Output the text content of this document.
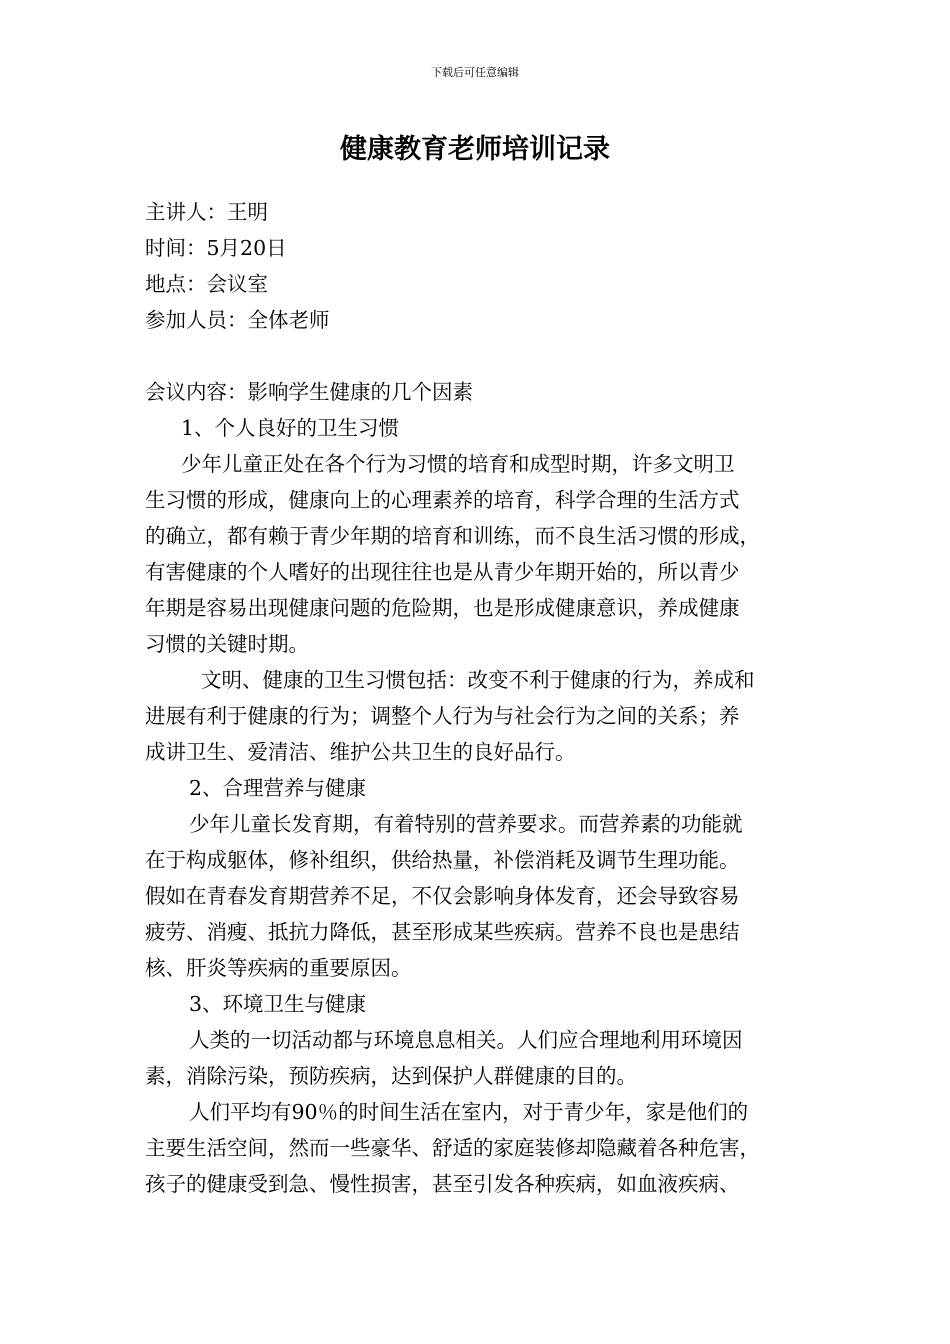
下载后可任意编辑
健康教育老师培训记录
主讲人：王明
时间：5月20日
地点：会议室
参加人员：全体老师
会议内容：影响学生健康的几个因素
1、个人良好的卫生习惯
少年儿童正处在各个行为习惯的培育和成型时期，许多文明卫
生习惯的形成，健康向上的心理素养的培育，科学合理的生活方式
的确立，都有赖于青少年期的培育和训练，而不良生活习惯的形成，
有害健康的个人嗜好的出现往往也是从青少年期开始的，所以青少
年期是容易出现健康问题的危险期，也是形成健康意识，养成健康
习惯的关键时期。
文明、健康的卫生习惯包括：改变不利于健康的行为，养成和
进展有利于健康的行为；调整个人行为与社会行为之间的关系；养
成讲卫生、爱清洁、维护公共卫生的良好品行。
2、合理营养与健康
少年儿童长发育期，有着特别的营养要求。而营养素的功能就
在于构成躯体，修补组织，供给热量，补偿消耗及调节生理功能。
假如在青春发育期营养不足，不仅会影响身体发育，还会导致容易
疲劳、消瘦、抵抗力降低，甚至形成某些疾病。营养不良也是患结
核、肝炎等疾病的重要原因。
3、环境卫生与健康
人类的一切活动都与环境息息相关。人们应合理地利用环境因
素，消除污染，预防疾病，达到保护人群健康的目的。
人们平均有90％的时间生活在室内，对于青少年，家是他们的
主要生活空间，然而一些豪华、舒适的家庭装修却隐藏着各种危害，
孩子的健康受到急、慢性损害，甚至引发各种疾病，如血液疾病、
